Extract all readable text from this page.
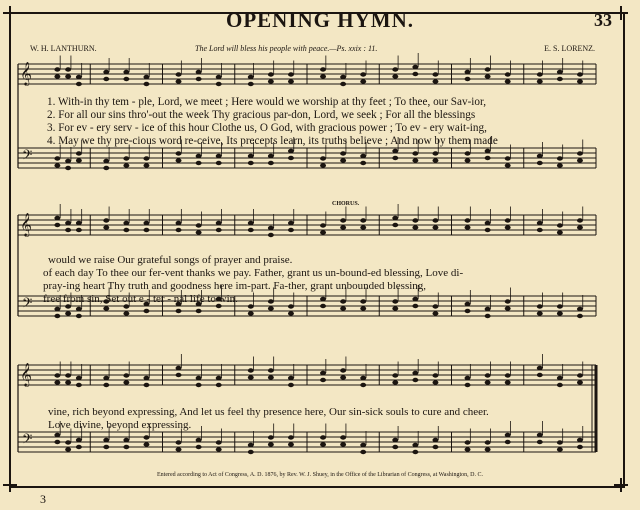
OPENING HYMN.	33
W. H. LANTHURN.	The Lord will bless his people with peace.—Ps. xxix : 11.	E. S. LORENZ.
𝄞
𝄢
𝄞
𝄢
𝄞
𝄢
1. With-in thy tem - ple, Lord, we meet ; Here would we worship at thy feet ; To thee, our Sav-ior,
2. For all our sins thro'-out the week Thy gracious par-don, Lord, we seek ; For all the blessings
3. For ev - ery serv - ice of this hour Clothe us, O God, with gracious power ; To ev - ery wait-ing,
4. May we thy pre-cious word re-ceive, Its precepts learn, its truths believe ; And now by them made
CHORUS.
would we raise Our grateful songs of prayer and praise.
of each day To thee our fer-vent thanks we pay. Father, grant us un-bound-ed blessing, Love di-
pray-ing heart Thy truth and goodness here im-part. Fa-ther, grant unbounded blessing,
free from sin, Set out e - ter - nal life to win.
vine, rich beyond expressing, And let us feel thy presence here, Our sin-sick souls to cure and cheer.
Love divine, beyond expressing.
Entered according to Act of Congress, A. D. 1876, by Rev. W. J. Shuey, in the Office of the Librarian of Congress, at Washington, D. C.
3
